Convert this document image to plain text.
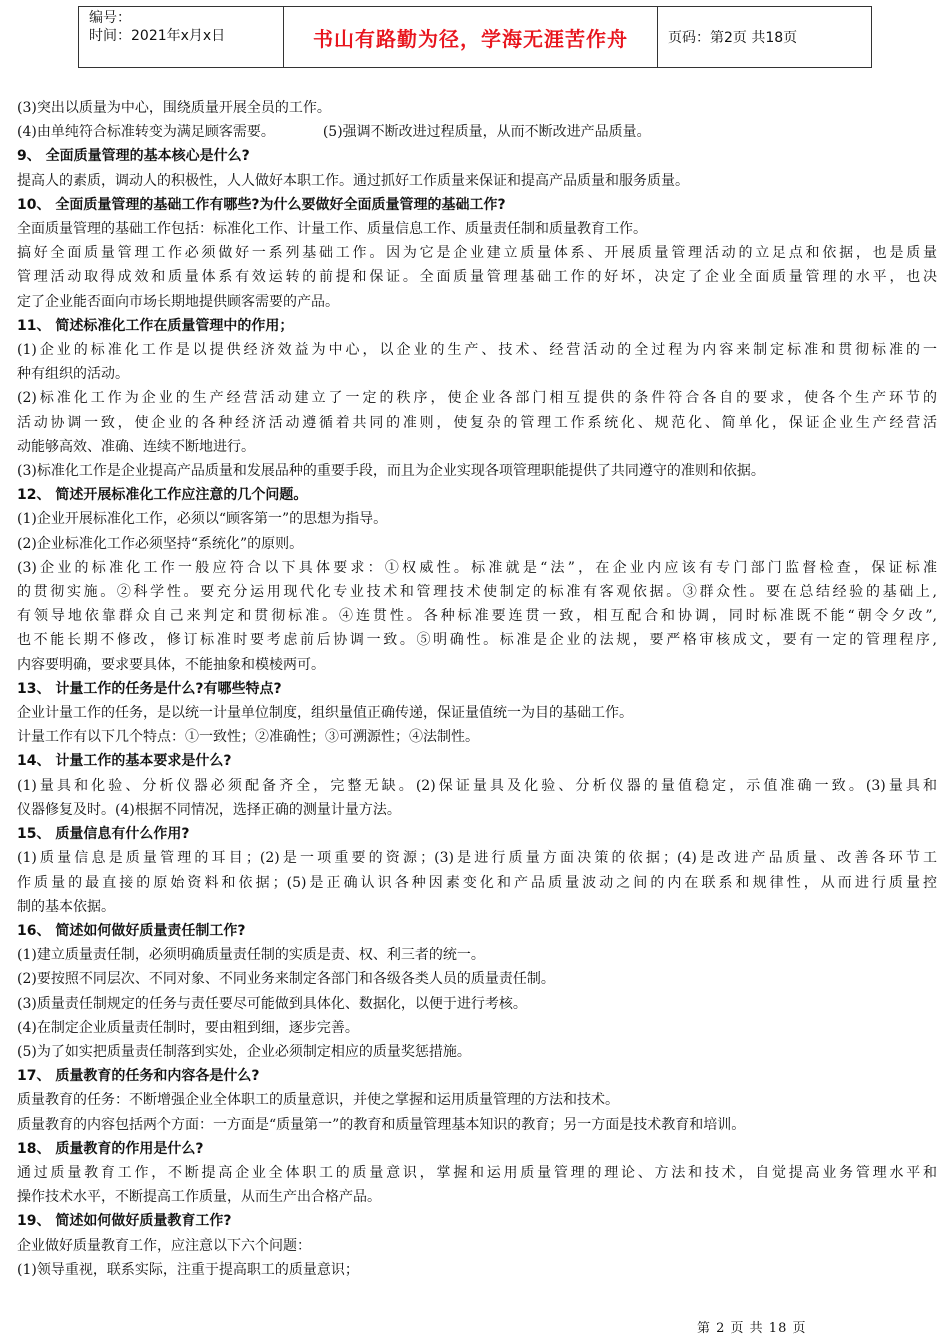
编号：
时间：2021年x月x日	书山有路勤为径，学海无涯苦作舟	页码：第2页 共18页

(3)突出以质量为中心，围绕质量开展全员的工作。

(4)由单纯符合标准转变为满足顾客需要。	(5)强调不断改进过程质量，从而不断改进产品质量。

9、 全面质量管理的基本核心是什么?

提高人的素质，调动人的积极性，人人做好本职工作。通过抓好工作质量来保证和提高产品质量和服务质量。

10、 全面质量管理的基础工作有哪些?为什么要做好全面质量管理的基础工作?

全面质量管理的基础工作包括：标准化工作、计量工作、质量信息工作、质量责任制和质量教育工作。

搞好全面质量管理工作必须做好一系列基础工作。因为它是企业建立质量体系、开展质量管理活动的立足点和依据，也是质量

管理活动取得成效和质量体系有效运转的前提和保证。全面质量管理基础工作的好坏，决定了企业全面质量管理的水平，也决

定了企业能否面向市场长期地提供顾客需要的产品。

11、 简述标准化工作在质量管理中的作用；

(1)企业的标准化工作是以提供经济效益为中心，以企业的生产、技术、经营活动的全过程为内容来制定标准和贯彻标准的一

种有组织的活动。

(2)标准化工作为企业的生产经营活动建立了一定的秩序，使企业各部门相互提供的条件符合各自的要求，使各个生产环节的

活动协调一致，使企业的各种经济活动遵循着共同的准则，使复杂的管理工作系统化、规范化、简单化，保证企业生产经营活

动能够高效、准确、连续不断地进行。

(3)标准化工作是企业提高产品质量和发展品种的重要手段，而且为企业实现各项管理职能提供了共同遵守的准则和依据。

12、 简述开展标准化工作应注意的几个问题。

(1)企业开展标准化工作，必须以“顾客第一”的思想为指导。

(2)企业标准化工作必须坚持“系统化”的原则。

(3)企业的标准化工作一般应符合以下具体要求：①权威性。标准就是“法”，在企业内应该有专门部门监督检查，保证标准

的贯彻实施。②科学性。要充分运用现代化专业技术和管理技术使制定的标准有客观依据。③群众性。要在总结经验的基础上,

有领导地依靠群众自己来判定和贯彻标准。④连贯性。各种标准要连贯一致，相互配合和协调，同时标准既不能“朝令夕改”,

也不能长期不修改，修订标准时要考虑前后协调一致。⑤明确性。标准是企业的法规，要严格审核成文，要有一定的管理程序,

内容要明确，要求要具体，不能抽象和模棱两可。

13、 计量工作的任务是什么?有哪些特点?

企业计量工作的任务，是以统一计量单位制度，组织量值正确传递，保证量值统一为目的基础工作。

计量工作有以下几个特点：①一致性；②准确性；③可溯源性；④法制性。

14、 计量工作的基本要求是什么?

(1)量具和化验、分析仪器必须配备齐全，完整无缺。(2)保证量具及化验、分析仪器的量值稳定，示值准确一致。(3)量具和

仪器修复及时。(4)根据不同情况，选择正确的测量计量方法。

15、 质量信息有什么作用?

(1)质量信息是质量管理的耳目；(2)是一项重要的资源；(3)是进行质量方面决策的依据；(4)是改进产品质量、改善各环节工

作质量的最直接的原始资料和依据；(5)是正确认识各种因素变化和产品质量波动之间的内在联系和规律性，从而进行质量控

制的基本依据。

16、 简述如何做好质量责任制工作?

(1)建立质量责任制，必须明确质量责任制的实质是责、权、利三者的统一。

(2)要按照不同层次、不同对象、不同业务来制定各部门和各级各类人员的质量责任制。

(3)质量责任制规定的任务与责任要尽可能做到具体化、数据化，以便于进行考核。

(4)在制定企业质量责任制时，要由粗到细，逐步完善。

(5)为了如实把质量责任制落到实处，企业必须制定相应的质量奖惩措施。

17、 质量教育的任务和内容各是什么?

质量教育的任务：不断增强企业全体职工的质量意识，并使之掌握和运用质量管理的方法和技术。

质量教育的内容包括两个方面：一方面是“质量第一”的教育和质量管理基本知识的教育；另一方面是技术教育和培训。

18、 质量教育的作用是什么?

通过质量教育工作，不断提高企业全体职工的质量意识，掌握和运用质量管理的理论、方法和技术，自觉提高业务管理水平和

操作技术水平，不断提高工作质量，从而生产出合格产品。

19、 简述如何做好质量教育工作?

企业做好质量教育工作，应注意以下六个问题：

(1)领导重视，联系实际，注重于提高职工的质量意识；

第 2 页 共 18 页
